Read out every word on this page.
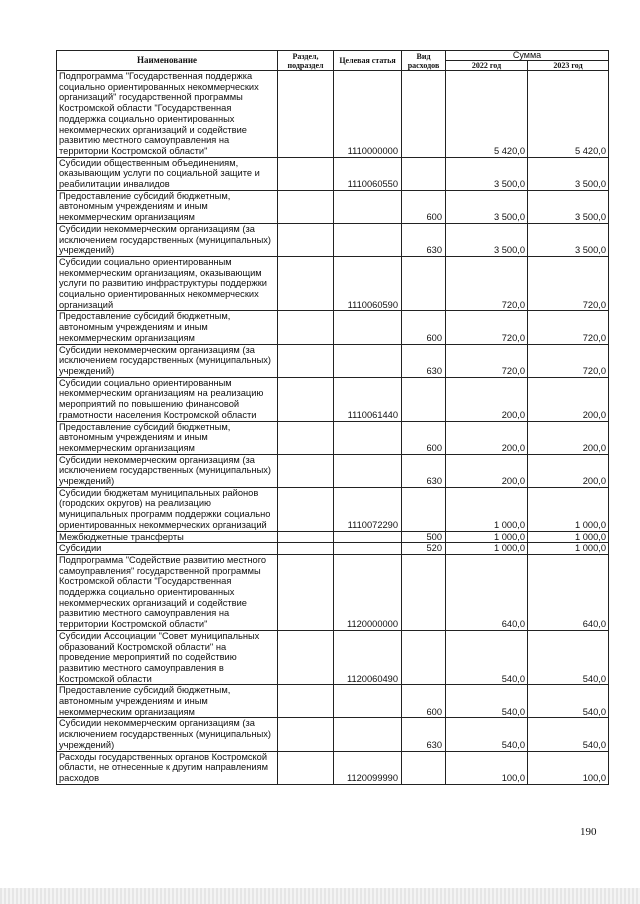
Наименование	Раздел, подраздел	Целевая статья	Вид расходов	Сумма	
				2022 год	2023 год
Подпрограмма "Государственная поддержка социально ориентированных некоммерческих организаций" государственной программы Костромской области "Государственная поддержка социально ориентированных некоммерческих организаций и содействие развитию местного самоуправления на территории Костромской области"		1110000000		5 420,0	5 420,0
Субсидии общественным объединениям, оказывающим услуги по социальной защите и реабилитации инвалидов		1110060550		3 500,0	3 500,0
Предоставление субсидий бюджетным, автономным учреждениям и иным некоммерческим организациям			600	3 500,0	3 500,0
Субсидии некоммерческим организациям (за исключением государственных (муниципальных) учреждений)			630	3 500,0	3 500,0
Субсидии социально ориентированным некоммерческим организациям, оказывающим услуги по развитию инфраструктуры поддержки социально ориентированных некоммерческих организаций		1110060590		720,0	720,0
Предоставление субсидий бюджетным, автономным учреждениям и иным некоммерческим организациям			600	720,0	720,0
Субсидии некоммерческим организациям (за исключением государственных (муниципальных) учреждений)			630	720,0	720,0
Субсидии социально ориентированным некоммерческим организациям на реализацию мероприятий по повышению финансовой грамотности населения Костромской области		1110061440		200,0	200,0
Предоставление субсидий бюджетным, автономным учреждениям и иным некоммерческим организациям			600	200,0	200,0
Субсидии некоммерческим организациям (за исключением государственных (муниципальных) учреждений)			630	200,0	200,0
Субсидии бюджетам муниципальных районов (городских округов) на реализацию муниципальных программ поддержки социально ориентированных некоммерческих организаций		1110072290		1 000,0	1 000,0
Межбюджетные трансферты			500	1 000,0	1 000,0
Субсидии			520	1 000,0	1 000,0
Подпрограмма "Содействие развитию местного самоуправления" государственной программы Костромской области "Государственная поддержка социально ориентированных некоммерческих организаций и содействие развитию местного самоуправления на территории Костромской области"		1120000000		640,0	640,0
Субсидии Ассоциации "Совет муниципальных образований Костромской области" на проведение мероприятий по содействию развитию местного самоуправления в Костромской области		1120060490		540,0	540,0
Предоставление субсидий бюджетным, автономным учреждениям и иным некоммерческим организациям			600	540,0	540,0
Субсидии некоммерческим организациям (за исключением государственных (муниципальных) учреждений)			630	540,0	540,0
Расходы государственных органов Костромской области, не отнесенные к другим направлениям расходов		1120099990		100,0	100,0
190
